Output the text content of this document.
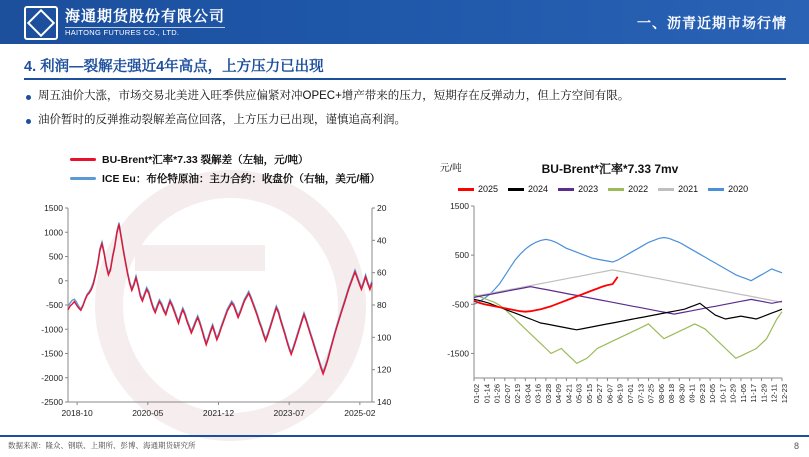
海通期货股份有限公司
HAITONG FUTURES CO., LTD.
一、沥青近期市场行情
4. 利润—裂解走强近4年高点，上方压力已出现
周五油价大涨，市场交易北美进入旺季供应偏紧对冲OPEC+增产带来的压力，短期存在反弹动力，但上方空间有限。
油价暂时的反弹推动裂解差高位回落，上方压力已出现，谨慎追高利润。
BU-Brent*汇率*7.33 裂解差（左轴，元/吨）
ICE Eu：布伦特原油：主力合约：收盘价（右轴，美元/桶）
1500
1000
500
0
-500
-1000
-1500
-2000
-2500
20
40
60
80
100
120
140
2018-10	2020-05	2021-12	2023-07	2025-02
元/吨	BU-Brent*汇率*7.33 7mv
2025	2024	2023	2022	2021	2020
1500
500
-500
-1500
01-02 01-14 01-26 02-07 02-19 03-04 03-16 03-28 04-09 04-21 05-03 05-15 05-27 06-07 06-19 07-01 07-13 07-25 08-06 08-18 08-30 09-11 09-23 10-05 10-17 10-29 11-05 11-17 11-29 12-11 12-23
数据来源：隆众、钢联、上期所、彭博、海通期货研究所	8
